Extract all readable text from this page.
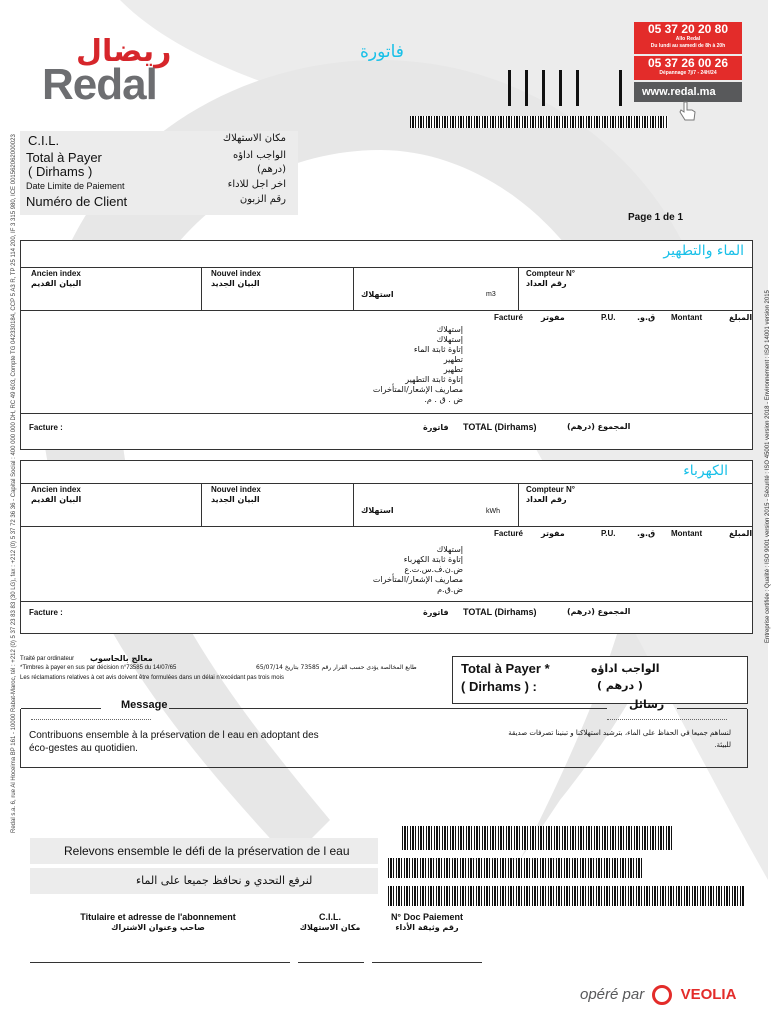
Redal s.a. 6, rue Al Hoceima BP 161 - 10000 Rabat-Maroc, tél : +212 (0) 5 37 23 83 83 (30 LG), fax : +212 (0) 5 37 72 36 36 - Capital Social : 400 000 000 DH, RC 49 603, Compte TG 042330184, CCP 5 A3 R, TP 25 114 200, IF 3 315 980, ICE 001562062000023	Entreprise certifiée : Qualité : ISO 9001 version 2015 - Sécurité : ISO 45001 version 2018 - Environnement : ISO 14001 version 2015
ريضال
Redal
فاتورة
05 37 20 20 80
Allo Redal
Du lundi au samedi de 8h à 20h
05 37 26 00 26
Dépannage 7j/7 - 24H/24
www.redal.ma
C.I.L.	مكان الاستهلاك
Total à Payer	الواجب اداؤه
( Dirhams )	(درهم)
Date Limite de Paiement	اخر اجل للاداء
Numéro de Client	رقم الزبون
Page 1 de 1
الماء والتطهير
Ancien index
البيان القديم
Nouvel index
البيان الجديد
استهلاك	m3
Compteur N°
رقم العداد
Facturé مفوتر	P.U.	ق.و. Montant	المبلغ
إستهلاك
إستهلاك
إتاوة ثابتة الماء
تطهير
تطهير
إتاوة ثابتة التطهير
مصاريف الإشعار/المتأخرات
ض . ق . م.
Facture :	فاتورة TOTAL (Dirhams)	المجموع (درهم)
الكهرباء
Ancien index
البيان القديم
Nouvel index
البيان الجديد
استهلاك	kWh
Compteur N°
رقم العداد
Facturé مفوتر	P.U.	ق.و. Montant	المبلغ
إستهلاك
إتاوة ثابتة الكهرباء
ض.ن.ف.س.ت.ع
مصاريف الإشعار/المتأخرات
ض.ق.م
Facture :	فاتورة TOTAL (Dirhams)	المجموع (درهم)
Traité par ordinateur معالج بالحاسوب
*Timbres à payer en sus par décision n°73585 du 14/07/65	طابع المخالصة يؤدى حسب القرار رقم 73585 بتاريخ 65/07/14
Les réclamations relatives à cet avis doivent être formulées dans un délai n'excédant pas trois mois
Total à Payer *	الواجب اداؤه
( Dirhams ) :	( درهم )
Message	رسائل
Contribuons ensemble à la préservation de l eau en adoptant des éco-gestes au quotidien.
لنساهم جميعا في الحفاظ على الماء، بترشيد استهلاكنا و تبنينا تصرفات صديقة للبيئة.
Relevons ensemble le défi de la préservation de l eau
لنرفع التحدي و نحافظ جميعا على الماء
Titulaire et adresse de l'abonnement
صاحب وعنوان الاشتراك
C.I.L.
مكان الاستهلاك
N° Doc Paiement
رقم وثيقة الأداء
opéré par VEOLIA
